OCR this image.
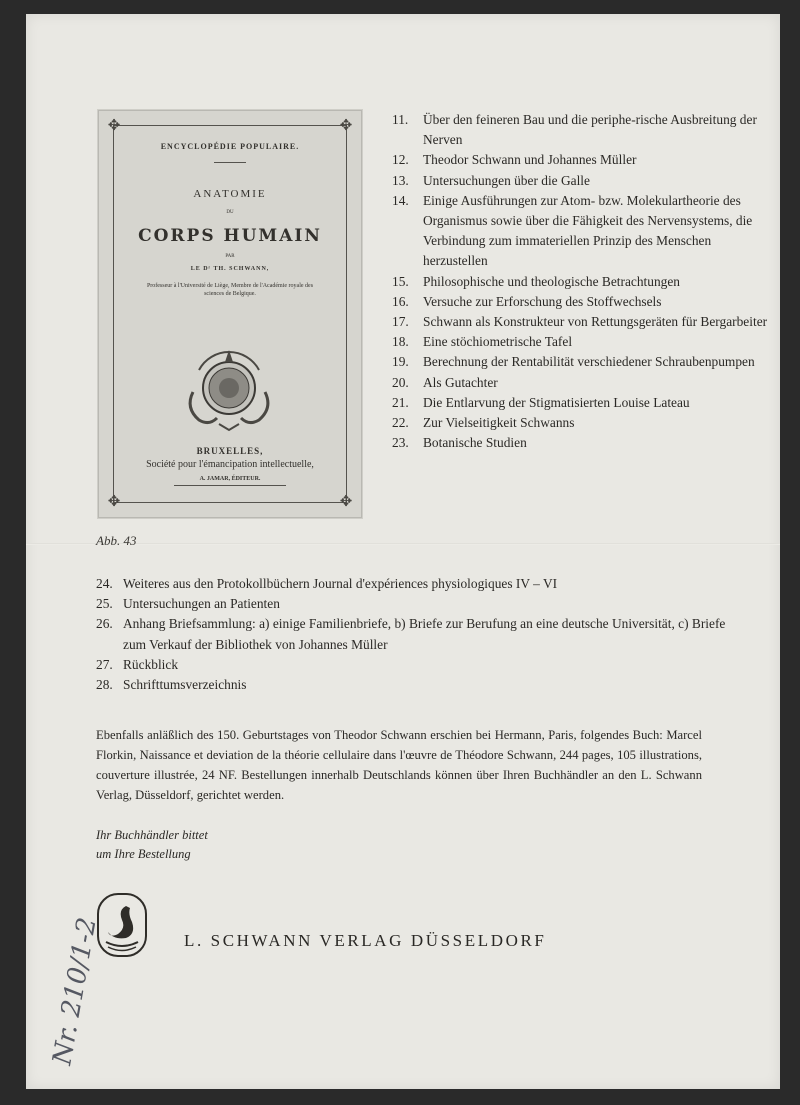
✥	✥
✥	✥
ENCYCLOPÉDIE POPULAIRE.
ANATOMIE
DU
CORPS HUMAIN
PAR
LE Dʳ TH. SCHWANN,
Professeur à l'Université de Liège, Membre de l'Académie royale des sciences de Belgique.
BRUXELLES,
Société pour l'émancipation intellectuelle,
A. JAMAR, ÉDITEUR.
Abb. 43
11. Über den feineren Bau und die periphe-rische Ausbreitung der Nerven
12. Theodor Schwann und Johannes Müller
13. Untersuchungen über die Galle
14. Einige Ausführungen zur Atom- bzw. Molekulartheorie des Organismus sowie über die Fähigkeit des Nervensystems, die Verbindung zum immateriellen Prinzip des Menschen herzustellen
15. Philosophische und theologische Betrachtungen
16. Versuche zur Erforschung des Stoffwechsels
17. Schwann als Konstrukteur von Rettungsgeräten für Bergarbeiter
18. Eine stöchiometrische Tafel
19. Berechnung der Rentabilität verschiedener Schraubenpumpen
20. Als Gutachter
21. Die Entlarvung der Stigmatisierten Louise Lateau
22. Zur Vielseitigkeit Schwanns
23. Botanische Studien
24. Weiteres aus den Protokollbüchern Journal d'expériences physiologiques IV – VI
25. Untersuchungen an Patienten
26. Anhang Briefsammlung: a) einige Familienbriefe, b) Briefe zur Berufung an eine deutsche Universität, c) Briefe zum Verkauf der Bibliothek von Johannes Müller
27. Rückblick
28. Schrifttumsverzeichnis

Ebenfalls anläßlich des 150. Geburtstages von Theodor Schwann erschien bei Hermann, Paris, folgendes Buch: Marcel Florkin, Naissance et deviation de la théorie cellulaire dans l'œuvre de Théodore Schwann, 244 pages, 105 illustrations, couverture illustrée, 24 NF. Bestellungen innerhalb Deutschlands können über Ihren Buchhändler an den L. Schwann Verlag, Düsseldorf, gerichtet werden.

Ihr Buchhändler bittet
um Ihre Bestellung
L. SCHWANN VERLAG DÜSSELDORF
Nr. 210/1-2
